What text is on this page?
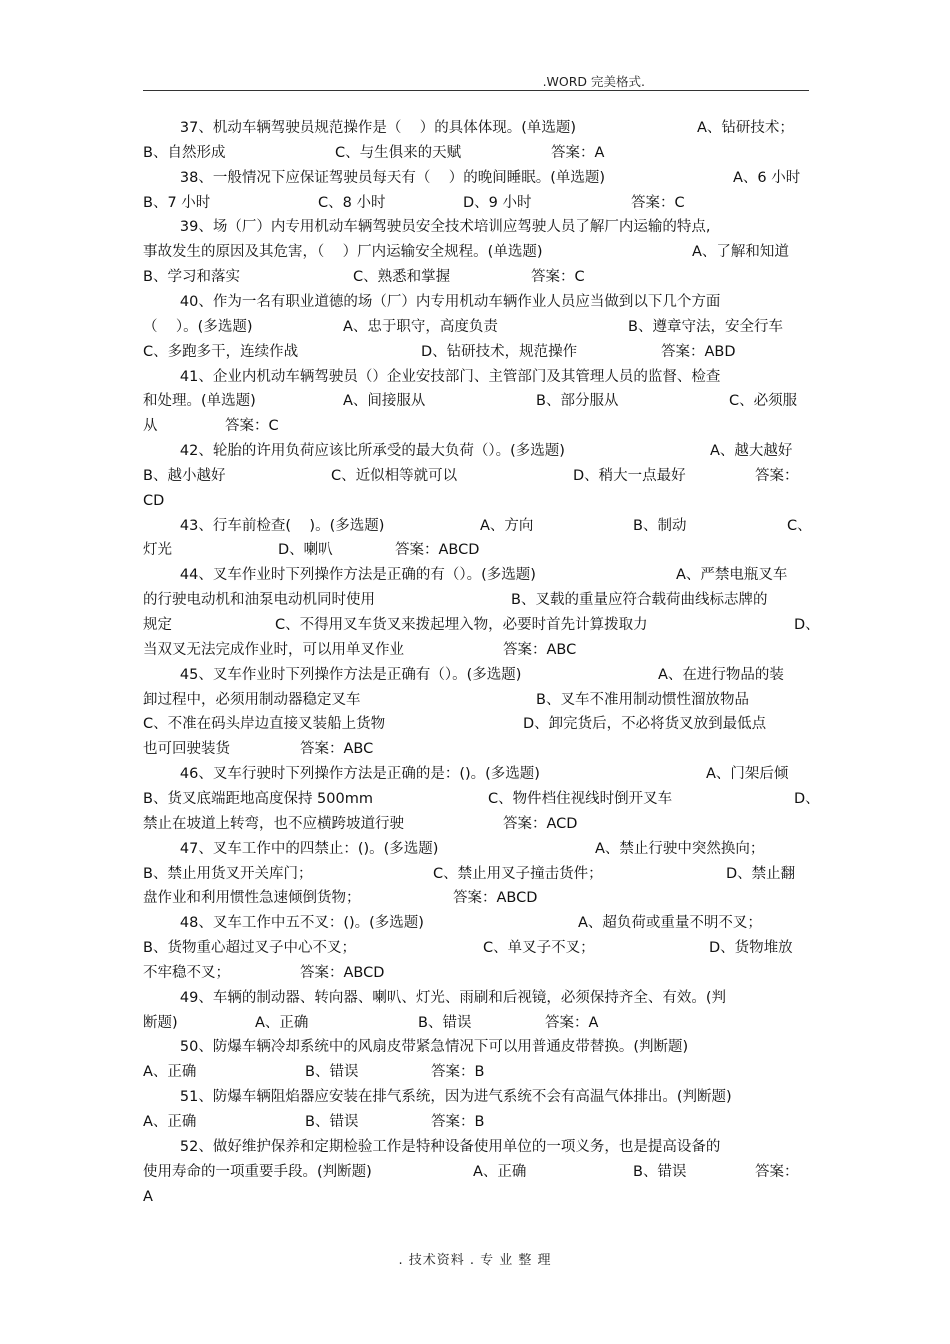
.WORD 完美格式.
37、机动车辆驾驶员规范操作是（    ）的具体体现。(单选题)	A、钻研技术；
B、自然形成	C、与生俱来的天赋	答案：A
38、一般情况下应保证驾驶员每天有（    ）的晚间睡眠。(单选题)	A、6 小时
B、7 小时	C、8 小时	D、9 小时	答案：C
39、场（厂）内专用机动车辆驾驶员安全技术培训应驾驶人员了解厂内运输的特点,
事故发生的原因及其危害，（    ）厂内运输安全规程。(单选题)	A、了解和知道
B、学习和落实	C、熟悉和掌握	答案：C
40、作为一名有职业道德的场（厂）内专用机动车辆作业人员应当做到以下几个方面
（    ）。(多选题)	A、忠于职守，高度负责	B、遵章守法，安全行车
C、多跑多干，连续作战	D、钻研技术，规范操作	答案：ABD
41、企业内机动车辆驾驶员（）企业安技部门、主管部门及其管理人员的监督、检查
和处理。(单选题)	A、间接服从	B、部分服从	C、必须服
从	答案：C
42、轮胎的许用负荷应该比所承受的最大负荷（）。(多选题)	A、越大越好
B、越小越好	C、近似相等就可以	D、稍大一点最好	答案：
CD
43、行车前检查(    )。(多选题)	A、方向	B、制动	C、
灯光	D、喇叭	答案：ABCD
44、叉车作业时下列操作方法是正确的有（）。(多选题)	A、严禁电瓶叉车
的行驶电动机和油泵电动机同时使用	B、叉载的重量应符合载荷曲线标志牌的
规定	C、不得用叉车货叉来拨起埋入物，必要时首先计算拨取力	D、
当双叉无法完成作业时，可以用单叉作业	答案：ABC
45、叉车作业时下列操作方法是正确有（）。(多选题)	A、在进行物品的装
卸过程中，必须用制动器稳定叉车	B、叉车不准用制动惯性溜放物品
C、不准在码头岸边直接叉装船上货物	D、卸完货后，不必将货叉放到最低点
也可回驶装货	答案：ABC
46、叉车行驶时下列操作方法是正确的是：()。(多选题)	A、门架后倾
B、货叉底端距地高度保持 500mm	C、物件档住视线时倒开叉车	D、
禁止在坡道上转弯，也不应横跨坡道行驶	答案：ACD
47、叉车工作中的四禁止：()。(多选题)	A、禁止行驶中突然换向；
B、禁止用货叉开关库门；	C、禁止用叉子撞击货件；	D、禁止翻
盘作业和利用惯性急速倾倒货物；	答案：ABCD
48、叉车工作中五不叉：()。(多选题)	A、超负荷或重量不明不叉；
B、货物重心超过叉子中心不叉；	C、单叉子不叉；	D、货物堆放
不牢稳不叉；	答案：ABCD
49、车辆的制动器、转向器、喇叭、灯光、雨刷和后视镜，必须保持齐全、有效。(判
断题)	A、正确	B、错误	答案：A
50、防爆车辆冷却系统中的风扇皮带紧急情况下可以用普通皮带替换。(判断题)
A、正确	B、错误	答案：B
51、防爆车辆阻焰器应安装在排气系统，因为进气系统不会有高温气体排出。(判断题)
A、正确	B、错误	答案：B
52、做好维护保养和定期检验工作是特种设备使用单位的一项义务，也是提高设备的
使用寿命的一项重要手段。(判断题)	A、正确	B、错误	答案：
A
. 技术资料 . 专 业 整 理
